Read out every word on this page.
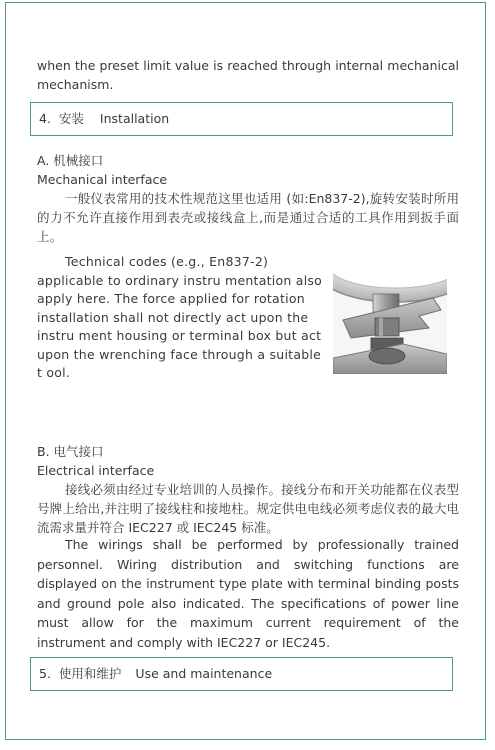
when the preset limit value is reached through internal mechanical mechanism.
4. 安装 Installation
A. 机械接口
Mechanical interface
一般仪表常用的技术性规范这里也适用 (如:En837-2),旋转安装时所用的力不允许直接作用到表壳或接线盒上,而是通过合适的工具作用到扳手面上。
Technical codes (e.g., En837-2) applicable to ordinary instru mentation also apply here. The force applied for rotation installation shall not directly act upon the instru ment housing or terminal box but act upon the wrenching face through a suitable t ool.
B. 电气接口
Electrical interface
接线必须由经过专业培训的人员操作。接线分布和开关功能都在仪表型号牌上给出,并注明了接线柱和接地柱。规定供电电线必须考虑仪表的最大电流需求量并符合 IEC227 或 IEC245 标准。
The wirings shall be performed by professionally trained personnel. Wiring distribution and switching functions are displayed on the instrument type plate with terminal binding posts and ground pole also indicated. The specifications of power line must allow for the maximum current requirement of the instrument and comply with IEC227 or IEC245.
5. 使用和维护 Use and maintenance
